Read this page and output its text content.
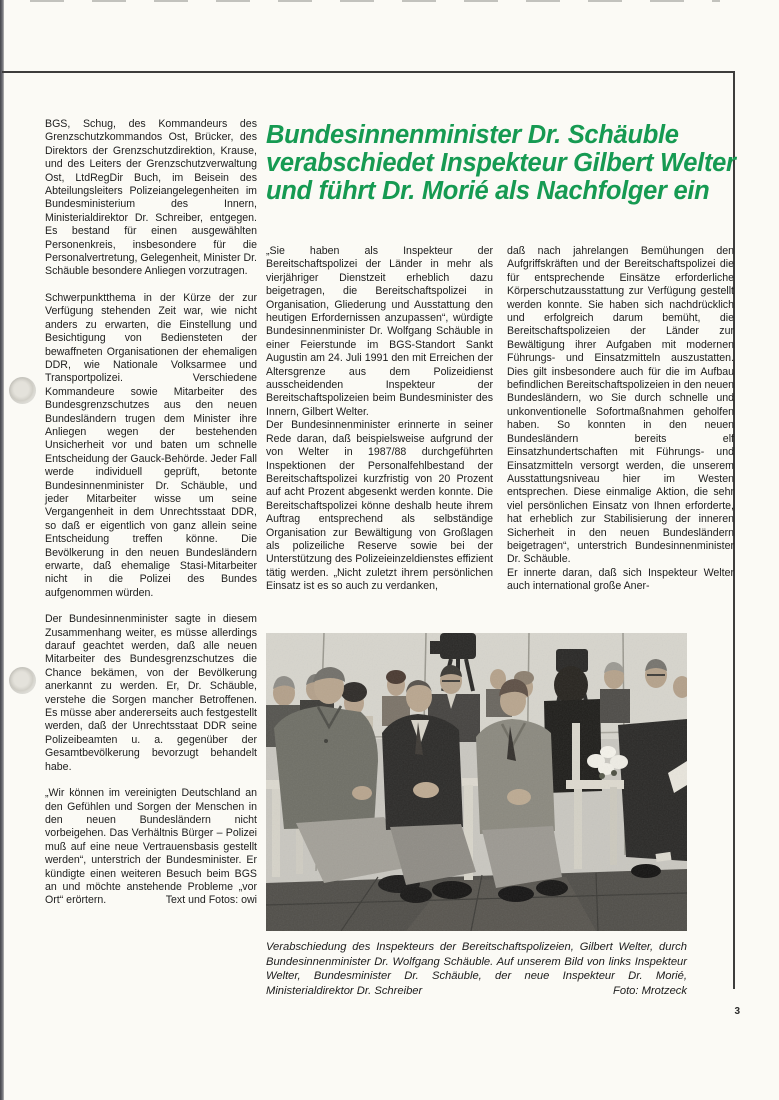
Bundesinnenminister Dr. Schäuble verabschiedet Inspekteur Gilbert Welter und führt Dr. Morié als Nachfolger ein

BGS, Schug, des Kommandeurs des Grenzschutzkommandos Ost, Brücker, des Direktors der Grenzschutzdirektion, Krause, und des Leiters der Grenzschutzverwaltung Ost, LtdRegDir Buch, im Beisein des Abteilungsleiters Polizeiangelegenheiten im Bundesministerium des Innern, Ministerialdirektor Dr. Schreiber, entgegen. Es bestand für einen ausgewählten Personenkreis, insbesondere für die Personalvertretung, Gelegenheit, Minister Dr. Schäuble besondere Anliegen vorzutragen.

Schwerpunktthema in der Kürze der zur Verfügung stehenden Zeit war, wie nicht anders zu erwarten, die Einstellung und Besichtigung von Bediensteten der bewaffneten Organisationen der ehemaligen DDR, wie Nationale Volksarmee und Transportpolizei. Verschiedene Kommandeure sowie Mitarbeiter des Bundesgrenzschutzes aus den neuen Bundesländern trugen dem Minister ihre Anliegen wegen der bestehenden Unsicherheit vor und baten um schnelle Entscheidung der Gauck-Behörde. Jeder Fall werde individuell geprüft, betonte Bundesinnenminister Dr. Schäuble, und jeder Mitarbeiter wisse um seine Vergangenheit in dem Unrechtsstaat DDR, so daß er eigentlich von ganz allein seine Entscheidung treffen könne. Die Bevölkerung in den neuen Bundesländern erwarte, daß ehemalige Stasi-Mitarbeiter nicht in die Polizei des Bundes aufgenommen würden.

Der Bundesinnenminister sagte in diesem Zusammenhang weiter, es müsse allerdings darauf geachtet werden, daß alle neuen Mitarbeiter des Bundesgrenzschutzes die Chance bekämen, von der Bevölkerung anerkannt zu werden. Er, Dr. Schäuble, verstehe die Sorgen mancher Betroffenen. Es müsse aber andererseits auch festgestellt werden, daß der Unrechtsstaat DDR seine Polizeibeamten u. a. gegenüber der Gesamtbevölkerung bevorzugt behandelt habe.

„Wir können im vereinigten Deutschland an den Gefühlen und Sorgen der Menschen in den neuen Bundesländern nicht vorbeigehen. Das Verhältnis Bürger – Polizei muß auf eine neue Vertrauensbasis gestellt werden“, unterstrich der Bundesminister. Er kündigte einen weiteren Besuch beim BGS an und möchte anstehende Probleme „vor Ort“ erörtern.	Text und Fotos: owi

„Sie haben als Inspekteur der Bereitschaftspolizei der Länder in mehr als vierjähriger Dienstzeit erheblich dazu beigetragen, die Bereitschaftspolizei in Organisation, Gliederung und Ausstattung den heutigen Erfordernissen anzupassen“, würdigte Bundesinnenminister Dr. Wolfgang Schäuble in einer Feierstunde im BGS-Standort Sankt Augustin am 24. Juli 1991 den mit Erreichen der Altersgrenze aus dem Polizeidienst ausscheidenden Inspekteur der Bereitschaftspolizeien beim Bundesminister des Innern, Gilbert Welter.

Der Bundesinnenminister erinnerte in seiner Rede daran, daß beispielsweise aufgrund der von Welter in 1987/88 durchgeführten Inspektionen der Personalfehlbestand der Bereitschaftspolizei kurzfristig von 20 Prozent auf acht Prozent abgesenkt werden konnte. Die Bereitschaftspolizei könne deshalb heute ihrem Auftrag entsprechend als selbständige Organisation zur Bewältigung von Großlagen als polizeiliche Reserve sowie bei der Unterstützung des Polizeieinzeldienstes effizient tätig werden. „Nicht zuletzt ihrem persönlichen Einsatz ist es so auch zu verdanken,

daß nach jahrelangen Bemühungen den Aufgriffskräften und der Bereitschaftspolizei die für entsprechende Einsätze erforderliche Körperschutzausstattung zur Verfügung gestellt werden konnte. Sie haben sich nachdrücklich und erfolgreich darum bemüht, die Bereitschaftspolizeien der Länder zur Bewältigung ihrer Aufgaben mit modernen Führungs- und Einsatzmitteln auszustatten. Dies gilt insbesondere auch für die im Aufbau befindlichen Bereitschaftspolizeien in den neuen Bundesländern, wo Sie durch schnelle und unkonventionelle Sofortmaßnahmen geholfen haben. So konnten in den neuen Bundesländern bereits elf Einsatzhundertschaften mit Führungs- und Einsatzmitteln versorgt werden, die unserem Ausstattungsniveau hier im Westen entsprechen. Diese einmalige Aktion, die sehr viel persönlichen Einsatz von Ihnen erforderte, hat erheblich zur Stabilisierung der inneren Sicherheit in den neuen Bundesländern beigetragen“, unterstrich Bundesinnenminister Dr. Schäuble.

Er innerte daran, daß sich Inspekteur Welter auch international große Aner-

Verabschiedung des Inspekteurs der Bereitschaftspolizeien, Gilbert Welter, durch Bundesinnenminister Dr. Wolfgang Schäuble. Auf unserem Bild von links Inspekteur Welter, Bundesminister Dr. Schäuble, der neue Inspekteur Dr. Morié, Ministerialdirektor Dr. Schreiber	Foto: Mrotzeck
3
